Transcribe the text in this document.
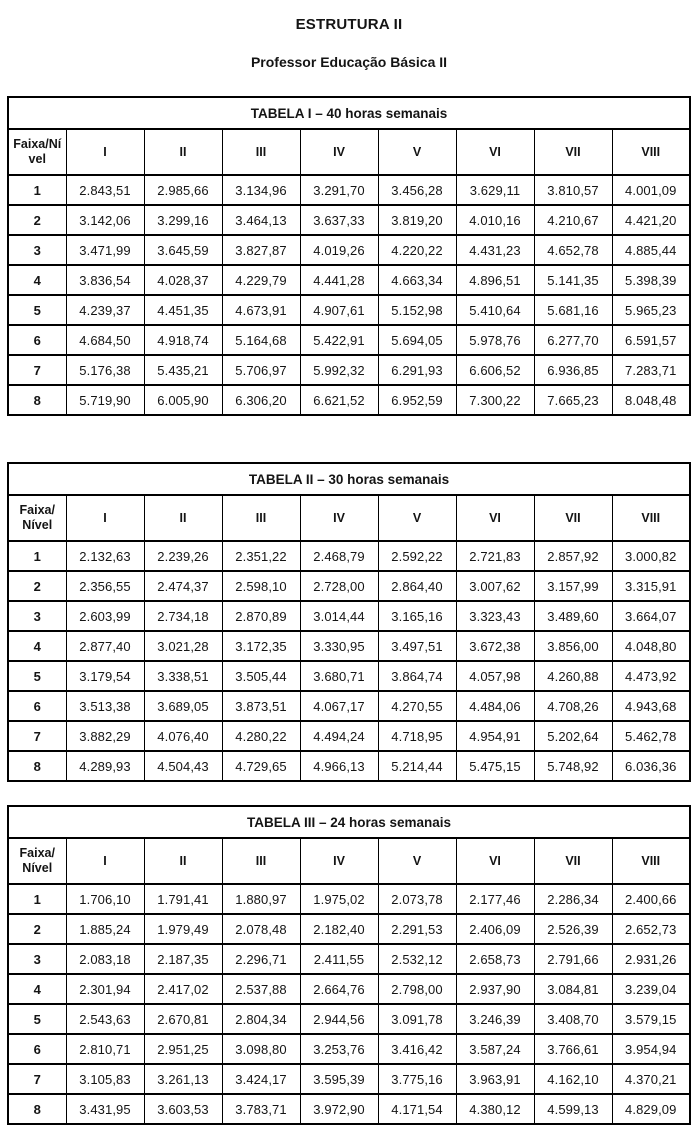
ESTRUTURA II
Professor Educação Básica II
TABELA I – 40 horas semanais								

Faixa/Ní
vel	I	II	III	IV	V	VI	VII	VIII
1	2.843,51	2.985,66	3.134,96	3.291,70	3.456,28	3.629,11	3.810,57	4.001,09
2	3.142,06	3.299,16	3.464,13	3.637,33	3.819,20	4.010,16	4.210,67	4.421,20
3	3.471,99	3.645,59	3.827,87	4.019,26	4.220,22	4.431,23	4.652,78	4.885,44
4	3.836,54	4.028,37	4.229,79	4.441,28	4.663,34	4.896,51	5.141,35	5.398,39
5	4.239,37	4.451,35	4.673,91	4.907,61	5.152,98	5.410,64	5.681,16	5.965,23
6	4.684,50	4.918,74	5.164,68	5.422,91	5.694,05	5.978,76	6.277,70	6.591,57
7	5.176,38	5.435,21	5.706,97	5.992,32	6.291,93	6.606,52	6.936,85	7.283,71
8	5.719,90	6.005,90	6.306,20	6.621,52	6.952,59	7.300,22	7.665,23	8.048,48
TABELA II – 30 horas semanais								

Faixa/
Nível	I	II	III	IV	V	VI	VII	VIII
1	2.132,63	2.239,26	2.351,22	2.468,79	2.592,22	2.721,83	2.857,92	3.000,82
2	2.356,55	2.474,37	2.598,10	2.728,00	2.864,40	3.007,62	3.157,99	3.315,91
3	2.603,99	2.734,18	2.870,89	3.014,44	3.165,16	3.323,43	3.489,60	3.664,07
4	2.877,40	3.021,28	3.172,35	3.330,95	3.497,51	3.672,38	3.856,00	4.048,80
5	3.179,54	3.338,51	3.505,44	3.680,71	3.864,74	4.057,98	4.260,88	4.473,92
6	3.513,38	3.689,05	3.873,51	4.067,17	4.270,55	4.484,06	4.708,26	4.943,68
7	3.882,29	4.076,40	4.280,22	4.494,24	4.718,95	4.954,91	5.202,64	5.462,78
8	4.289,93	4.504,43	4.729,65	4.966,13	5.214,44	5.475,15	5.748,92	6.036,36
TABELA III – 24 horas semanais								

Faixa/
Nível	I	II	III	IV	V	VI	VII	VIII
1	1.706,10	1.791,41	1.880,97	1.975,02	2.073,78	2.177,46	2.286,34	2.400,66
2	1.885,24	1.979,49	2.078,48	2.182,40	2.291,53	2.406,09	2.526,39	2.652,73
3	2.083,18	2.187,35	2.296,71	2.411,55	2.532,12	2.658,73	2.791,66	2.931,26
4	2.301,94	2.417,02	2.537,88	2.664,76	2.798,00	2.937,90	3.084,81	3.239,04
5	2.543,63	2.670,81	2.804,34	2.944,56	3.091,78	3.246,39	3.408,70	3.579,15
6	2.810,71	2.951,25	3.098,80	3.253,76	3.416,42	3.587,24	3.766,61	3.954,94
7	3.105,83	3.261,13	3.424,17	3.595,39	3.775,16	3.963,91	4.162,10	4.370,21
8	3.431,95	3.603,53	3.783,71	3.972,90	4.171,54	4.380,12	4.599,13	4.829,09
